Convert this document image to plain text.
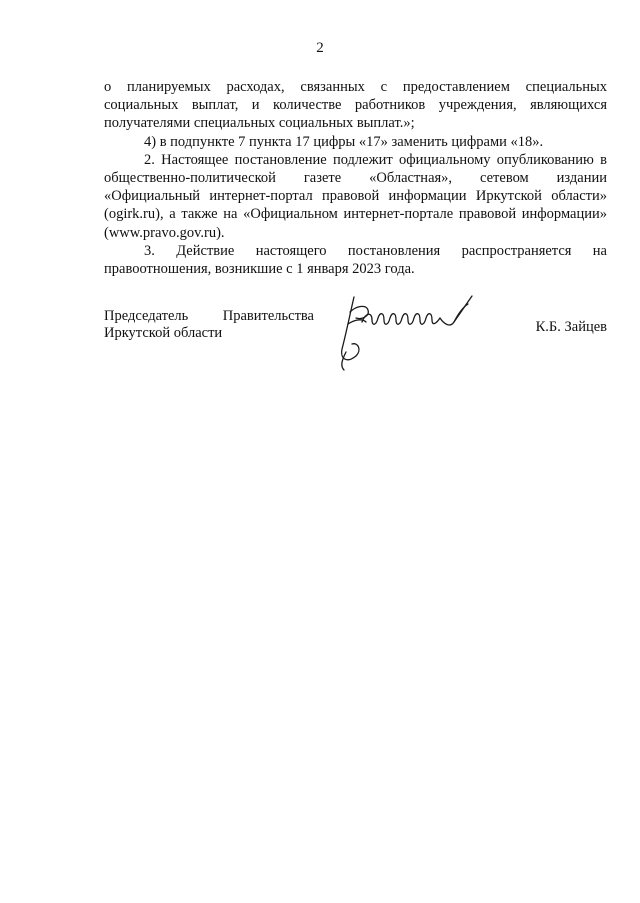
2

о планируемых расходах, связанных с предоставлением специальных социальных выплат, и количестве работников учреждения, являющихся получателями специальных социальных выплат.»;

4) в подпункте 7 пункта 17 цифры «17» заменить цифрами «18».

2. Настоящее постановление подлежит официальному опубликованию в общественно-политической газете «Областная», сетевом издании «Официальный интернет-портал правовой информации Иркутской области» (ogirk.ru), а также на «Официальном интернет-портале правовой информации» (www.pravo.gov.ru).

3. Действие настоящего постановления распространяется на правоотношения, возникшие с 1 января 2023 года.

Председатель Правительства
Иркутской области	К.Б. Зайцев
